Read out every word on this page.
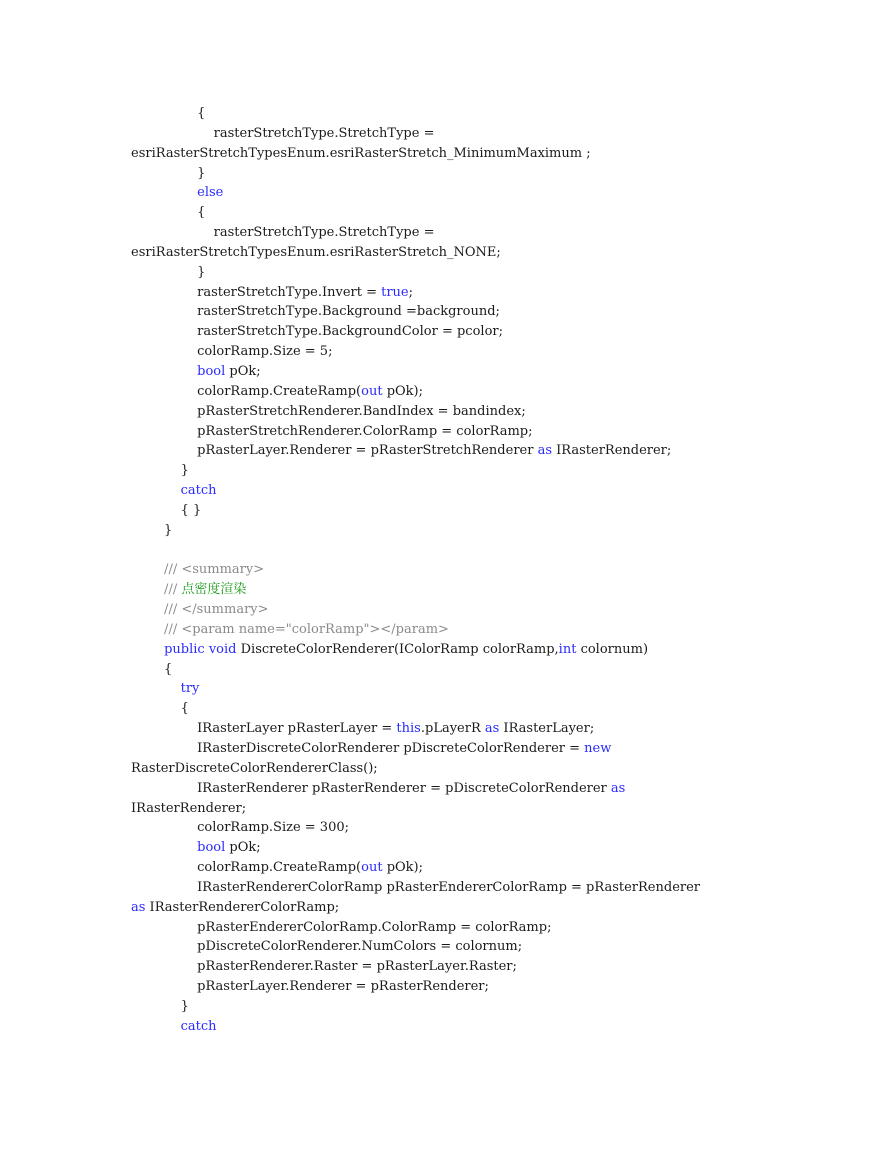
{
rasterStretchType.StretchType =
esriRasterStretchTypesEnum.esriRasterStretch_MinimumMaximum ;
}
else
{
rasterStretchType.StretchType =
esriRasterStretchTypesEnum.esriRasterStretch_NONE;
}
rasterStretchType.Invert = true;
rasterStretchType.Background =background;
rasterStretchType.BackgroundColor = pcolor;
colorRamp.Size = 5;
bool pOk;
colorRamp.CreateRamp(out pOk);
pRasterStretchRenderer.BandIndex = bandindex;
pRasterStretchRenderer.ColorRamp = colorRamp;
pRasterLayer.Renderer = pRasterStretchRenderer as IRasterRenderer;
}
catch
{ }
}
/// <summary>
/// 点密度渲染
/// </summary>
/// <param name="colorRamp"></param>
public void DiscreteColorRenderer(IColorRamp colorRamp,int colornum)
{
try
{
IRasterLayer pRasterLayer = this.pLayerR as IRasterLayer;
IRasterDiscreteColorRenderer pDiscreteColorRenderer = new
RasterDiscreteColorRendererClass();
IRasterRenderer pRasterRenderer = pDiscreteColorRenderer as
IRasterRenderer;
colorRamp.Size = 300;
bool pOk;
colorRamp.CreateRamp(out pOk);
IRasterRendererColorRamp pRasterEndererColorRamp = pRasterRenderer
as IRasterRendererColorRamp;
pRasterEndererColorRamp.ColorRamp = colorRamp;
pDiscreteColorRenderer.NumColors = colornum;
pRasterRenderer.Raster = pRasterLayer.Raster;
pRasterLayer.Renderer = pRasterRenderer;
}
catch
